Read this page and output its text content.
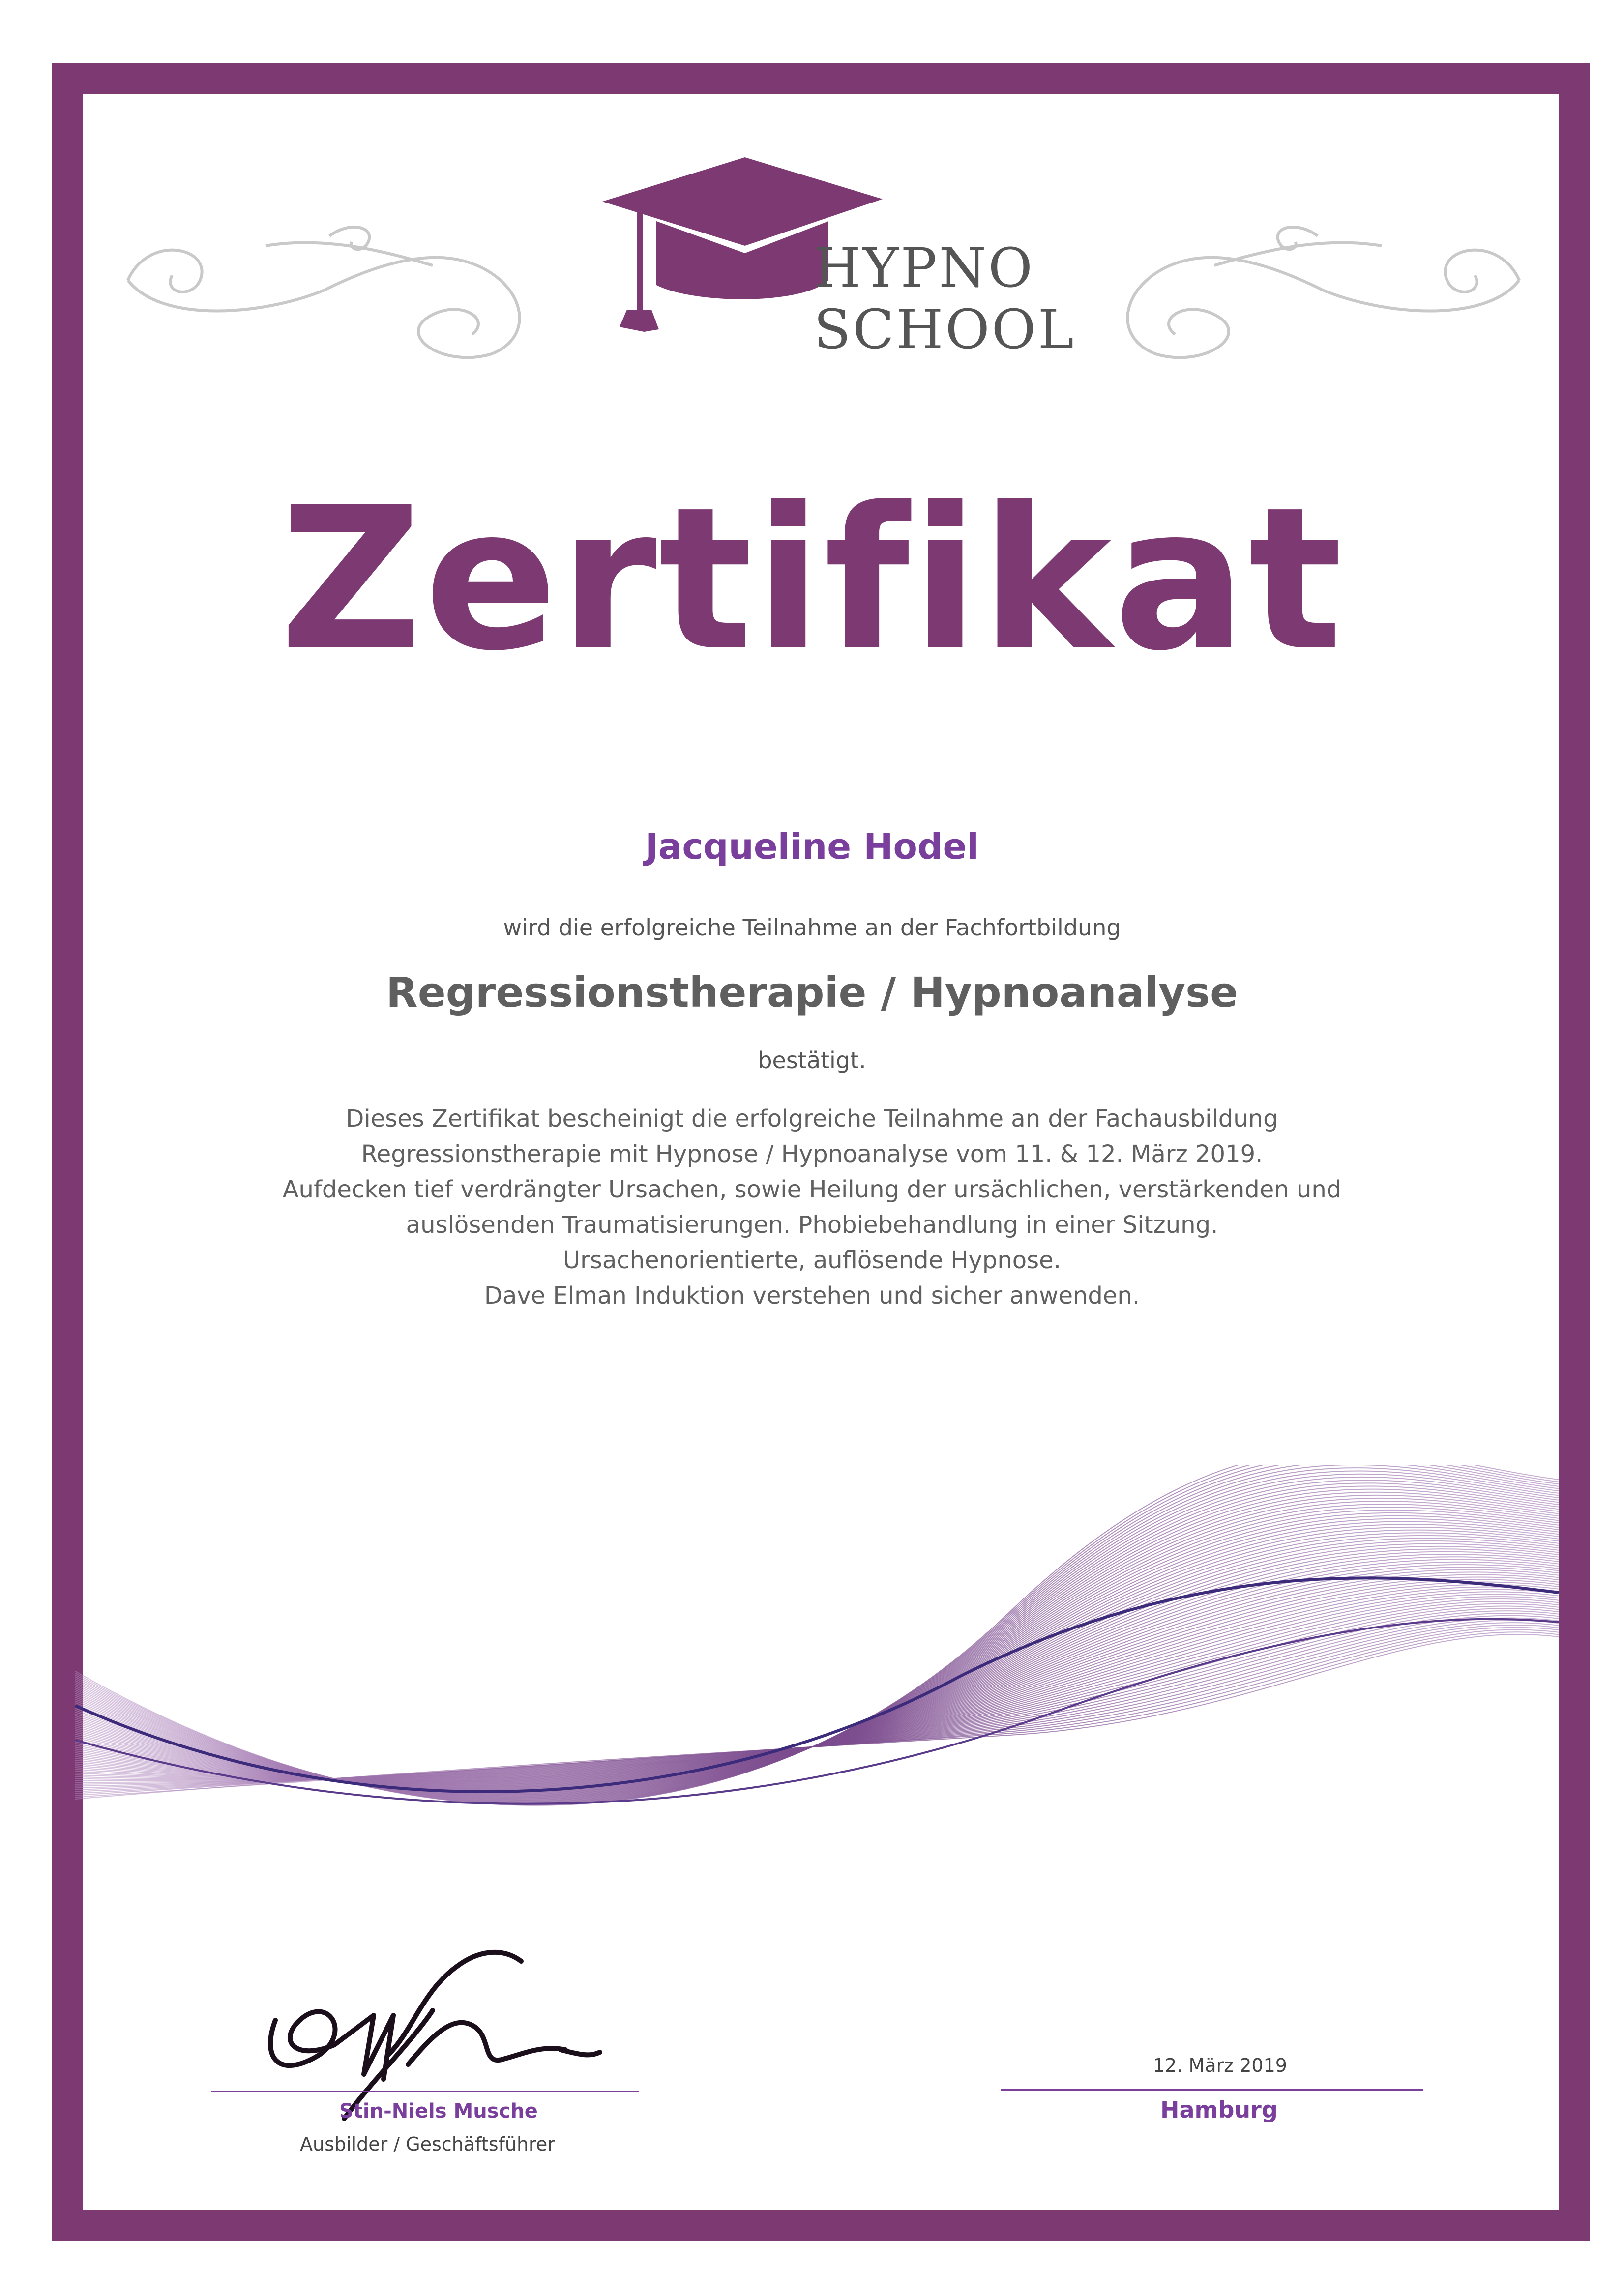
HYPNO
SCHOOL
Zertifikat
Jacqueline Hodel
wird die erfolgreiche Teilnahme an der Fachfortbildung
Regressionstherapie / Hypnoanalyse
bestätigt.
Dieses Zertifikat bescheinigt die erfolgreiche Teilnahme an der Fachausbildung
Regressionstherapie mit Hypnose / Hypnoanalyse vom 11. & 12. März 2019.
Aufdecken tief verdrängter Ursachen, sowie Heilung der ursächlichen, verstärkenden und
auslösenden Traumatisierungen. Phobiebehandlung in einer Sitzung.
Ursachenorientierte, auflösende Hypnose.
Dave Elman Induktion verstehen und sicher anwenden.
Stin-Niels Musche
Ausbilder / Geschäftsführer
12. März 2019
Hamburg
